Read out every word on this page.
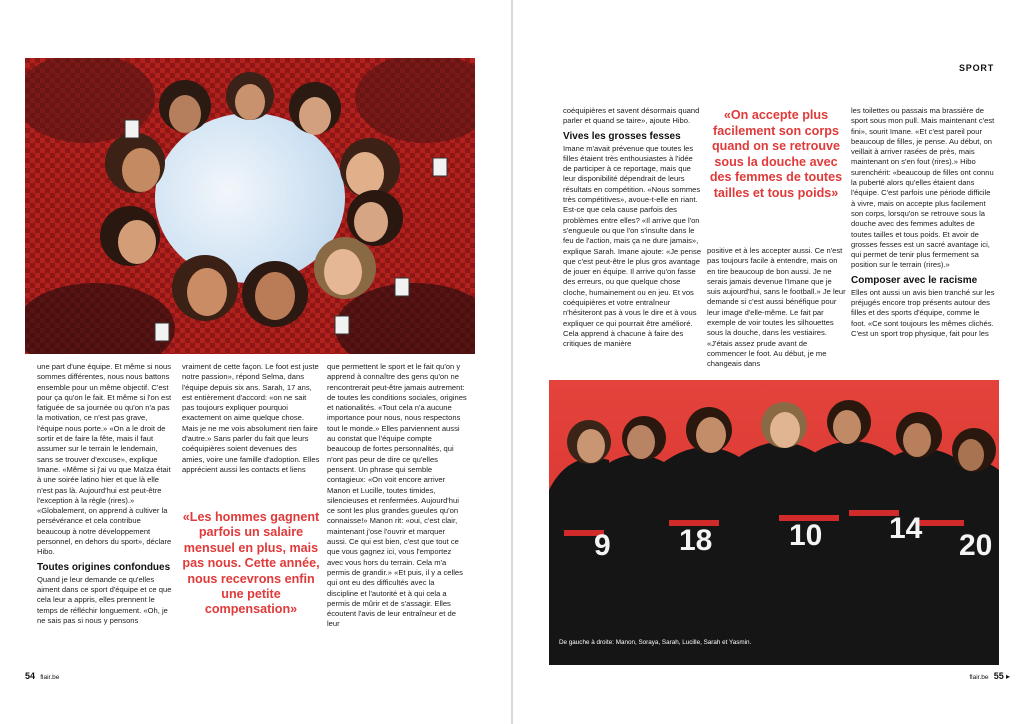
une part d'une équipe. Et même si nous sommes différentes, nous nous battons ensemble pour un même objectif. C'est pour ça qu'on le fait. Et même si l'on est fatiguée de sa journée ou qu'on n'a pas la motivation, ce n'est pas grave, l'équipe nous porte.» «On a le droit de sortir et de faire la fête, mais il faut assumer sur le terrain le lendemain, sans se trouver d'excuse», explique Imane. «Même si j'ai vu que Maïza était à une soirée latino hier et que là elle n'est pas là. Aujourd'hui est peut-être l'exception à la règle (rires).» «Globalement, on apprend à cultiver la persévérance et cela contribue beaucoup à notre développement personnel, en dehors du sport», déclare Hibo.

Toutes origines confondues

Quand je leur demande ce qu'elles aiment dans ce sport d'équipe et ce que cela leur a appris, elles prennent le temps de réfléchir longuement. «Oh, je ne sais pas si nous y pensons

vraiment de cette façon. Le foot est juste notre passion», répond Selma, dans l'équipe depuis six ans. Sarah, 17 ans, est entièrement d'accord: «on ne sait pas toujours expliquer pourquoi exactement on aime quelque chose. Mais je ne me vois absolument rien faire d'autre.» Sans parler du fait que leurs coéquipières soient devenues des amies, voire une famille d'adoption. Elles apprécient aussi les contacts et liens

«Les hommes gagnent parfois un salaire mensuel en plus, mais pas nous. Cette année, nous recevrons enfin une petite compensation»

que permettent le sport et le fait qu'on y apprend à connaître des gens qu'on ne rencontrerait peut-être jamais autrement: de toutes les conditions sociales, origines et nationalités. «Tout cela n'a aucune importance pour nous, nous respectons tout le monde.» Elles parviennent aussi au constat que l'équipe compte beaucoup de fortes personnalités, qui n'ont pas peur de dire ce qu'elles pensent. Un phrase qui semble contagieux: «On voit encore arriver Manon et Lucille, toutes timides, silencieuses et renfermées. Aujourd'hui ce sont les plus grandes gueules qu'on connaisse!» Manon rit: «oui, c'est clair, maintenant j'ose l'ouvrir et marquer aussi. Ce qui est bien, c'est que tout ce que vous gagnez ici, vous l'emportez avec vous hors du terrain. Cela m'a permis de grandir.» «Et puis, il y a celles qui ont eu des difficultés avec la discipline et l'autorité et à qui cela a permis de mûrir et de s'assagir. Elles écoutent l'avis de leur entraîneur et de leur

54 flair.be
SPORT

coéquipières et savent désormais quand parler et quand se taire», ajoute Hibo.

Vives les grosses fesses

Imane m'avait prévenue que toutes les filles étaient très enthousiastes à l'idée de participer à ce reportage, mais que leur disponibilité dépendrait de leurs résultats en compétition. «Nous sommes très compétitives», avoue-t-elle en riant. Est-ce que cela cause parfois des problèmes entre elles? «Il arrive que l'on s'engueule ou que l'on s'insulte dans le feu de l'action, mais ça ne dure jamais», explique Sarah. Imane ajoute: «Je pense que c'est peut-être le plus gros avantage de jouer en équipe. Il arrive qu'on fasse des erreurs, ou que quelque chose cloche, humainement ou en jeu. Et vos coéquipières et votre entraîneur n'hésiteront pas à vous le dire et à vous expliquer ce qui pourrait être amélioré. Cela apprend à chacune à faire des critiques de manière

«On accepte plus facilement son corps quand on se retrouve sous la douche avec des femmes de toutes tailles et tous poids»

positive et à les accepter aussi. Ce n'est pas toujours facile à entendre, mais on en tire beaucoup de bon aussi. Je ne serais jamais devenue l'Imane que je suis aujourd'hui, sans le football.» Je leur demande si c'est aussi bénéfique pour leur image d'elle-même. Le fait par exemple de voir toutes les silhouettes sous la douche, dans les vestiaires. «J'étais assez prude avant de commencer le foot. Au début, je me changeais dans

les toilettes ou passais ma brassière de sport sous mon pull. Mais maintenant c'est fini», sourit Imane. «Et c'est pareil pour beaucoup de filles, je pense. Au début, on veillait à arriver rasées de près, mais maintenant on s'en fout (rires).» Hibo surenchérit: «beaucoup de filles ont connu la puberté alors qu'elles étaient dans l'équipe. C'est parfois une période difficile à vivre, mais on accepte plus facilement son corps, lorsqu'on se retrouve sous la douche avec des femmes adultes de toutes tailles et tous poids. Et avoir de grosses fesses est un sacré avantage ici, qui permet de tenir plus fermement sa position sur le terrain (rires).»

Composer avec le racisme

Elles ont aussi un avis bien tranché sur les préjugés encore trop présents autour des filles et des sports d'équipe, comme le foot. «Ce sont toujours les mêmes clichés. C'est un sport trop physique, fait pour les

9 18	10 14
20
De gauche à droite: Manon, Soraya, Sarah, Lucille, Sarah et Yasmin.
flair.be 55 ▸
